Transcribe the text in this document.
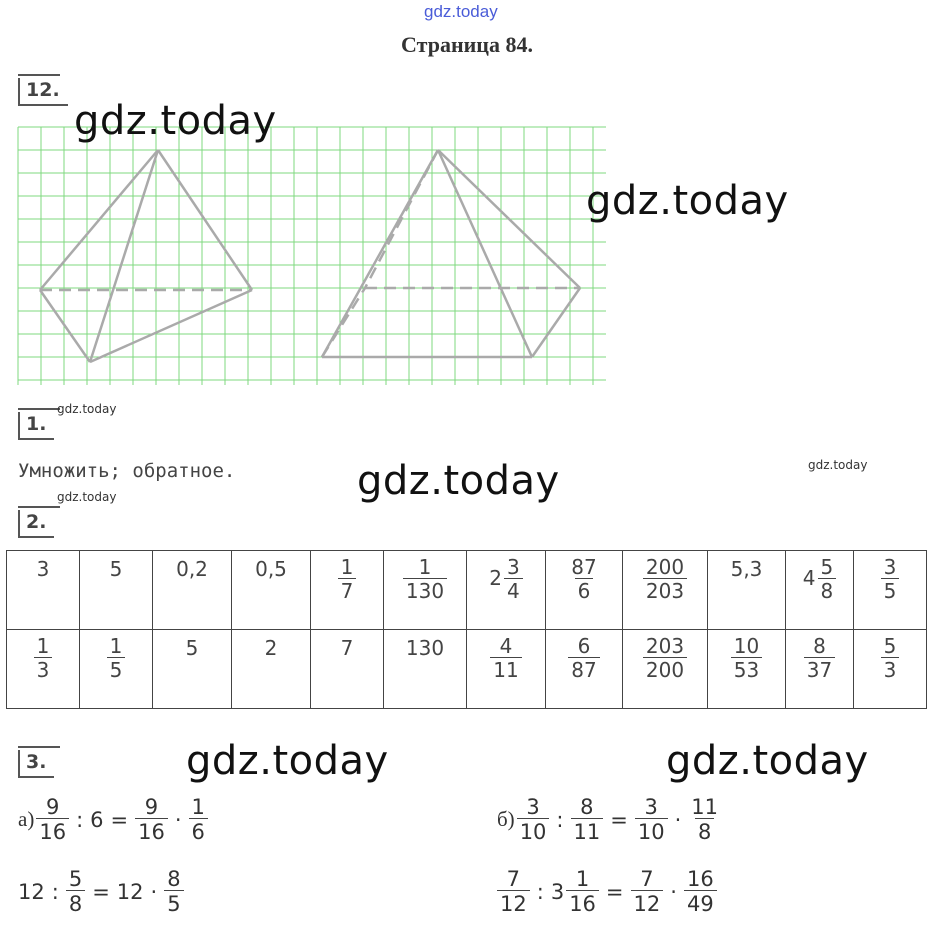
gdz.today
Страница 84.
12.
gdz.today
gdz.today
1.
gdz.today
Умножить; обратное.	gdz.today	gdz.today
gdz.today
2.
3	5	0,2	0,5	$\frac{1}{7}$	$\frac{1}{130}$	$2 \frac{3}{4}$	$\frac{87}{6}$	$\frac{200}{203}$	5,3	$4 \frac{5}{8}$	$\frac{3}{5}$

$\frac{1}{3}$	$\frac{1}{5}$	5	2	7	130	$\frac{4}{11}$	$\frac{6}{87}$	$\frac{203}{200}$	$\frac{10}{53}$	$\frac{8}{37}$	$\frac{5}{3}$
3.	gdz.today	gdz.today
$а) \frac{9}{16}$ : $6 = \frac{9}{16} \cdot \frac{1}{6}$
12 : $\frac{5}{8} = 12 \cdot \frac{8}{5}$
$б) \frac{3}{10}$ : $\frac{8}{11} = \frac{3}{10} \cdot \frac{11}{8}$
$\frac{7}{12}$ : $3 \frac{1}{16} = \frac{7}{12} \cdot \frac{16}{49}$
